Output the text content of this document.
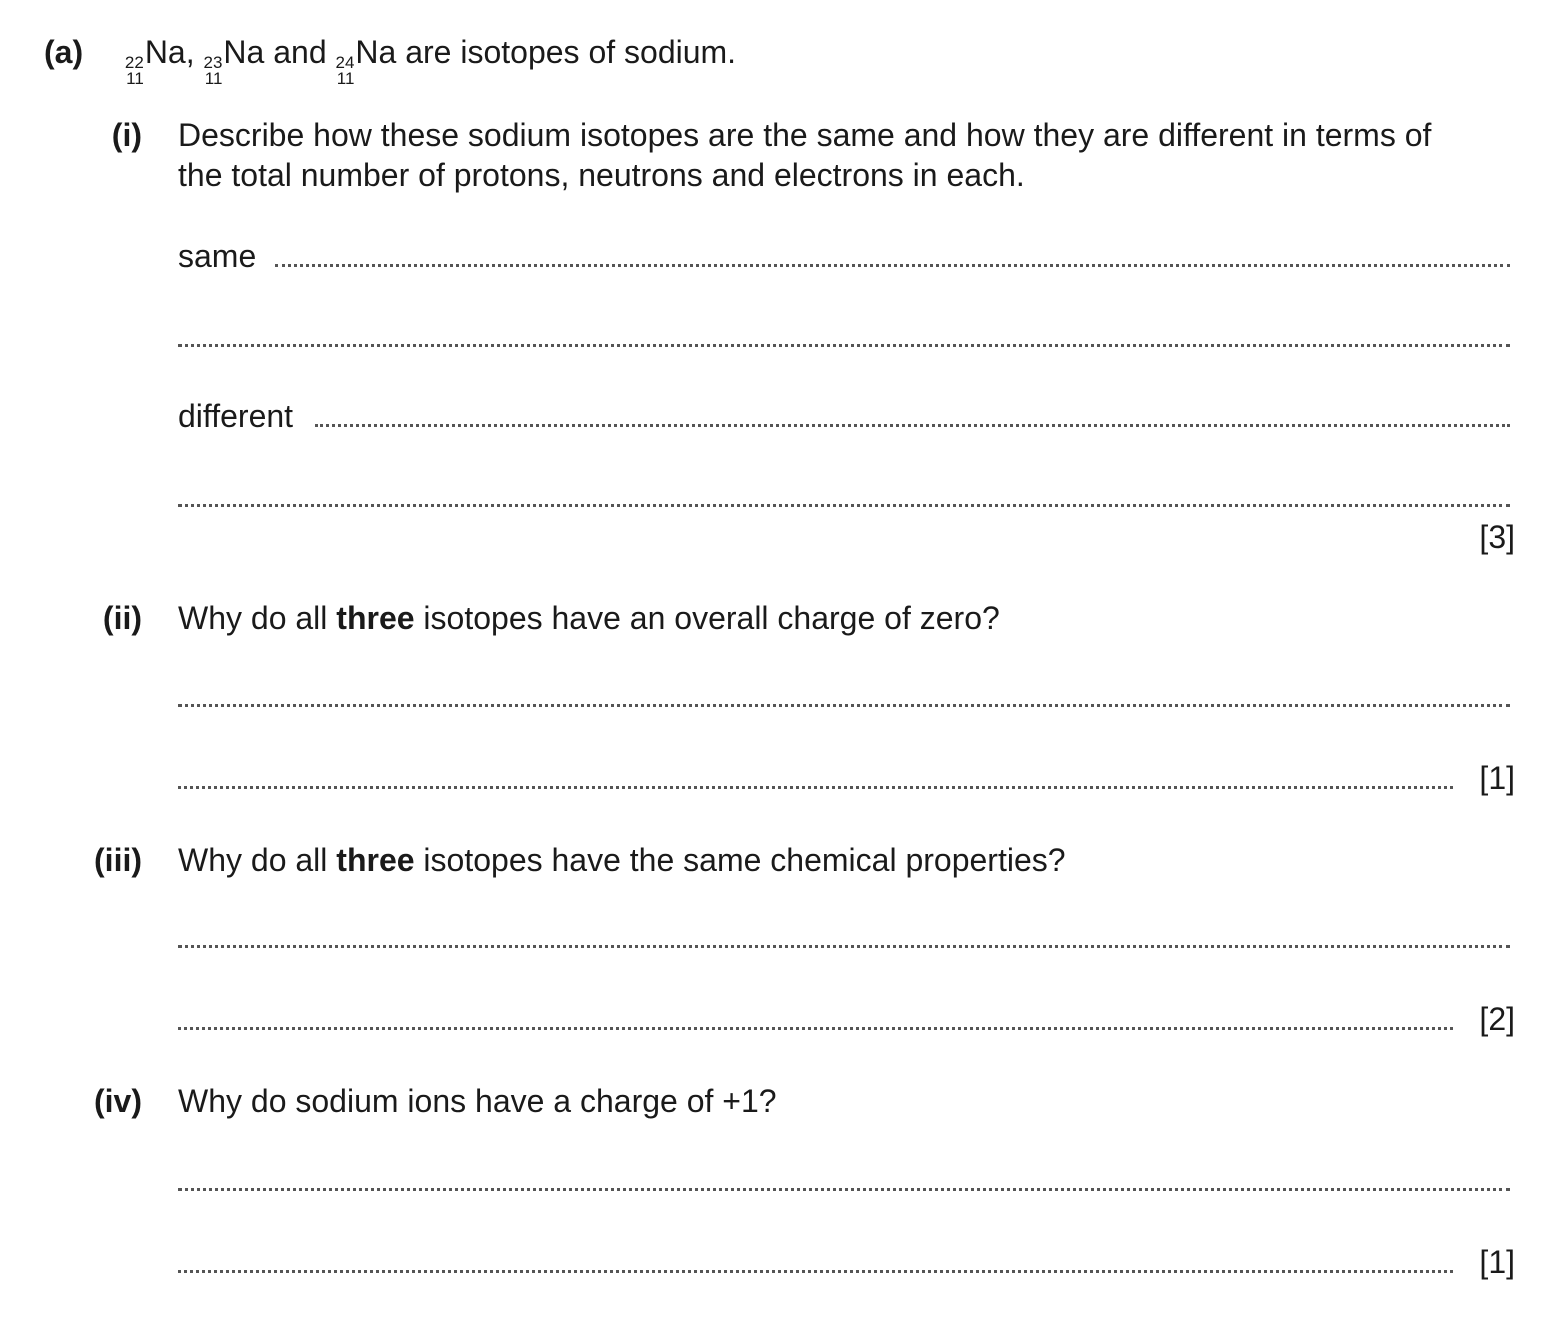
(a) 22
11
Na, 23
11
Na and 24
11
Na are isotopes of sodium.
(i) Describe how these sodium isotopes are the same and how they are different in terms of
the total number of protons, neutrons and electrons in each.
same
different
[3]
(ii) Why do all three isotopes have an overall charge of zero?
[1]
(iii) Why do all three isotopes have the same chemical properties?
[2]
(iv) Why do sodium ions have a charge of +1?
[1]
